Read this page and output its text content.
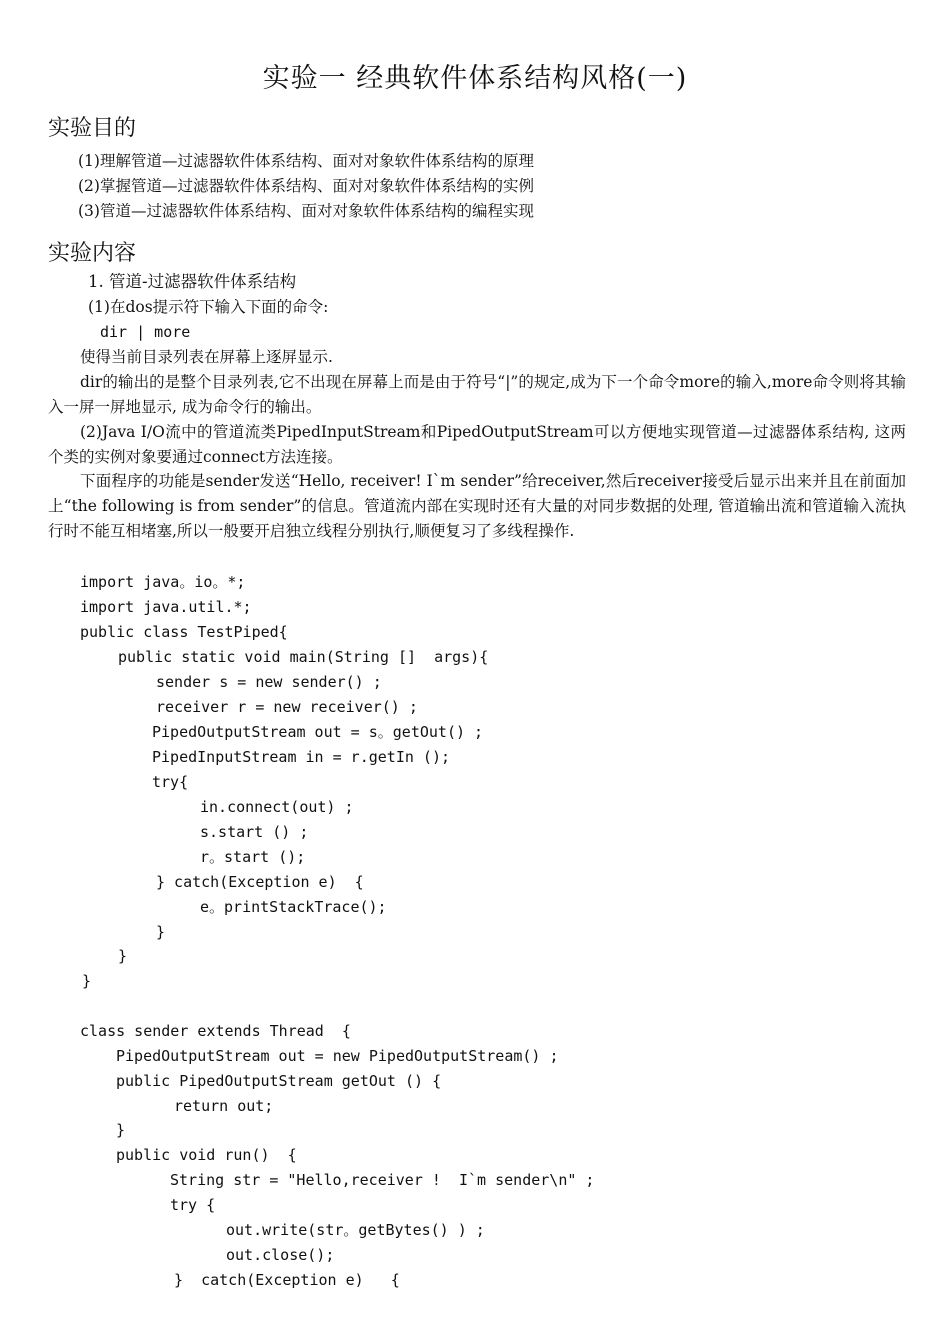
实验一 经典软件体系结构风格(一)
实验目的
(1)理解管道—过滤器软件体系结构、面对对象软件体系结构的原理
(2)掌握管道—过滤器软件体系结构、面对对象软件体系结构的实例
(3)管道—过滤器软件体系结构、面对对象软件体系结构的编程实现
实验内容
1. 管道-过滤器软件体系结构
(1)在dos提示符下输入下面的命令:
dir | more
使得当前目录列表在屏幕上逐屏显示.

dir的输出的是整个目录列表,它不出现在屏幕上而是由于符号“|”的规定,成为下一个命令more的输入,more命令则将其输入一屏一屏地显示, 成为命令行的输出。

(2)Java I/O流中的管道流类PipedInputStream和PipedOutputStream可以方便地实现管道—过滤器体系结构, 这两个类的实例对象要通过connect方法连接。

下面程序的功能是sender发送“Hello, receiver! I`m sender”给receiver,然后receiver接受后显示出来并且在前面加上“the following is from sender”的信息。管道流内部在实现时还有大量的对同步数据的处理, 管道输出流和管道输入流执行时不能互相堵塞,所以一般要开启独立线程分别执行,顺便复习了多线程操作.

import java。io。*;
import java.util.*;
public class TestPiped{
public static void main(String []  args){
sender s = new sender() ;
receiver r = new receiver() ;
PipedOutputStream out = s。getOut() ;
PipedInputStream in = r.getIn ();
try{
in.connect(out) ;
s.start () ;
r。start ();
} catch(Exception e)  {
e。printStackTrace();
}
}
}
class sender extends Thread  {
PipedOutputStream out = new PipedOutputStream() ;
public PipedOutputStream getOut () {
return out;
}
public void run()  {
String str = "Hello,receiver !  I`m sender\n" ;
try {
out.write(str。getBytes() ) ;
out.close();
}  catch(Exception e)   {
